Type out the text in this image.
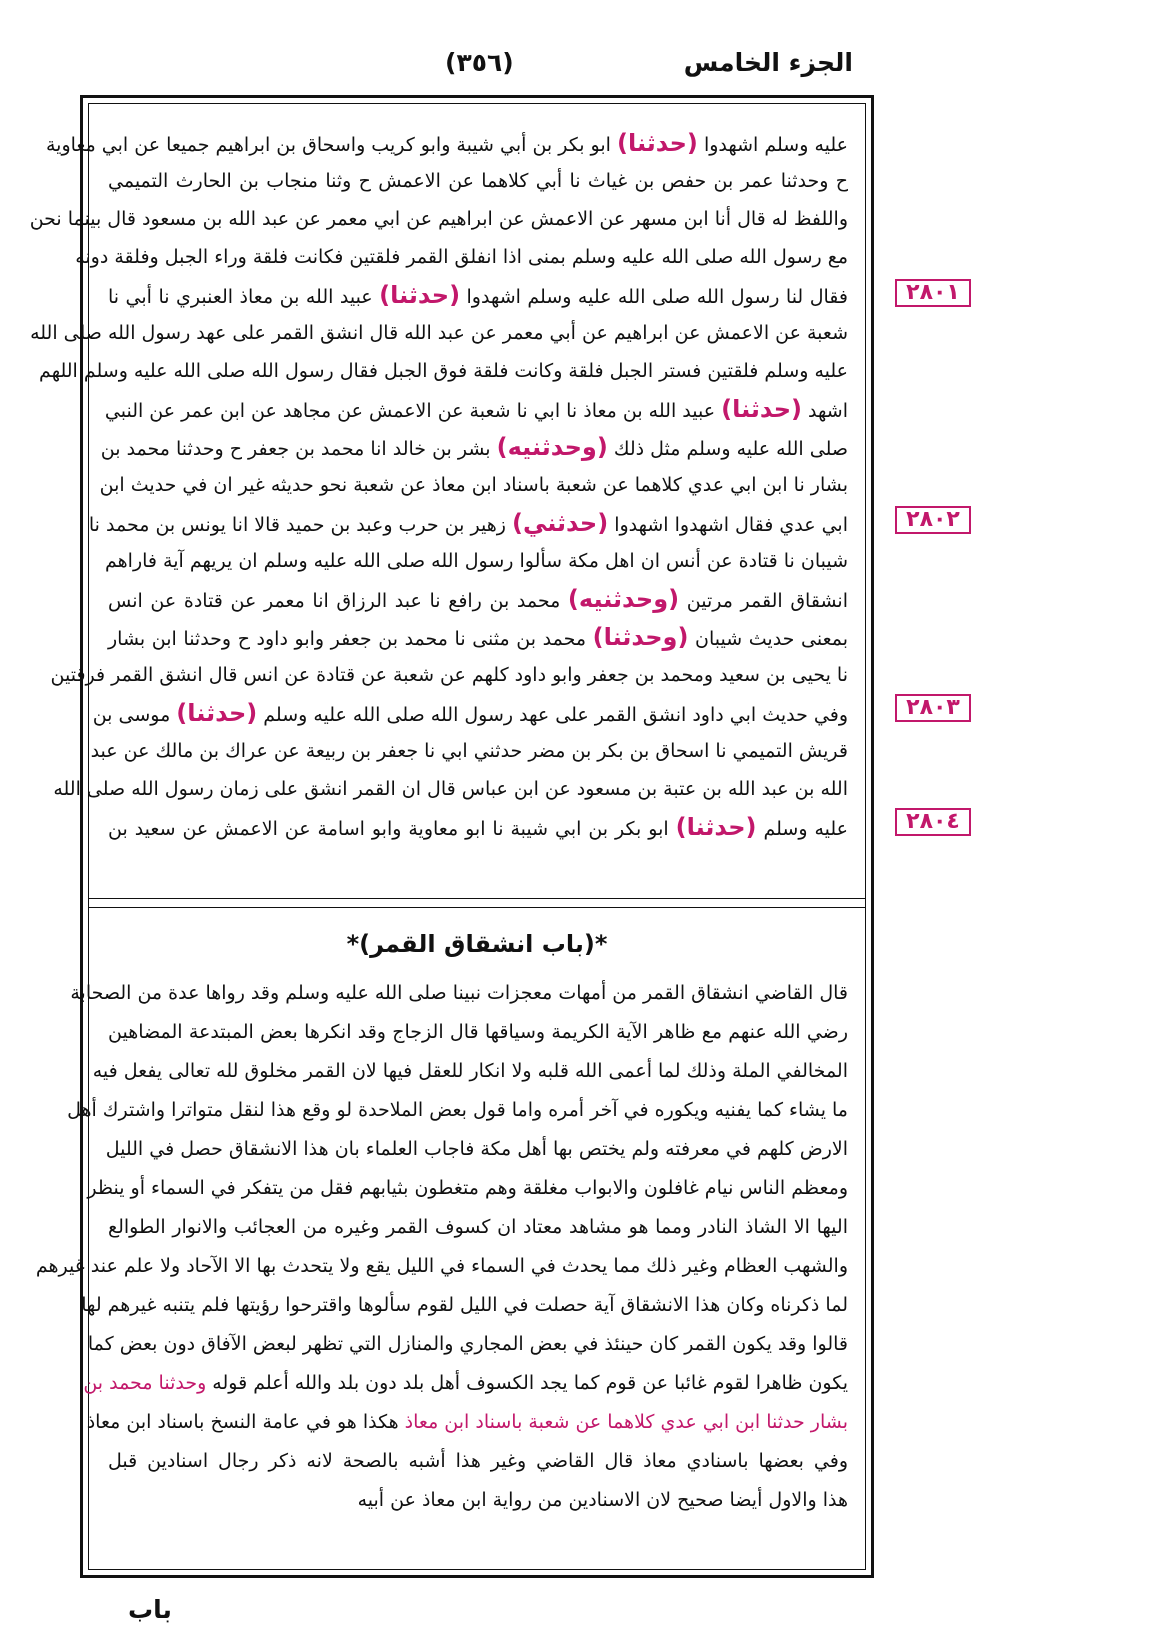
الجزء الخامس
(٣٥٦)
٢٨٠١
٢٨٠٢
٢٨٠٣
٢٨٠٤
عليه وسلم اشهدوا (حدثنا) ابو بكر بن أبي شيبة وابو كريب واسحاق بن ابراهيم جميعا عن ابي معاوية
ح وحدثنا عمر بن حفص بن غياث نا أبي كلاهما عن الاعمش ح وثنا منجاب بن الحارث التميمي
واللفظ له قال أنا ابن مسهر عن الاعمش عن ابراهيم عن ابي معمر عن عبد الله بن مسعود قال بينما نحن
مع رسول الله صلى الله عليه وسلم بمنى اذا انفلق القمر فلقتين فكانت فلقة وراء الجبل وفلقة دونه
فقال لنا رسول الله صلى الله عليه وسلم اشهدوا (حدثنا) عبيد الله بن معاذ العنبري نا أبي نا
شعبة عن الاعمش عن ابراهيم عن أبي معمر عن عبد الله قال انشق القمر على عهد رسول الله صلى الله
عليه وسلم فلقتين فستر الجبل فلقة وكانت فلقة فوق الجبل فقال رسول الله صلى الله عليه وسلم اللهم
اشهد (حدثنا) عبيد الله بن معاذ نا ابي نا شعبة عن الاعمش عن مجاهد عن ابن عمر عن النبي
صلى الله عليه وسلم مثل ذلك (وحدثنيه) بشر بن خالد انا محمد بن جعفر ح وحدثنا محمد بن
بشار نا ابن ابي عدي كلاهما عن شعبة باسناد ابن معاذ عن شعبة نحو حديثه غير ان في حديث ابن
ابي عدي فقال اشهدوا اشهدوا (حدثني) زهير بن حرب وعبد بن حميد قالا انا يونس بن محمد نا
شيبان نا قتادة عن أنس ان اهل مكة سألوا رسول الله صلى الله عليه وسلم ان يريهم آية فاراهم
انشقاق القمر مرتين (وحدثنيه) محمد بن رافع نا عبد الرزاق انا معمر عن قتادة عن انس
بمعنى حديث شيبان (وحدثنا) محمد بن مثنى نا محمد بن جعفر وابو داود ح وحدثنا ابن بشار
نا يحيى بن سعيد ومحمد بن جعفر وابو داود كلهم عن شعبة عن قتادة عن انس قال انشق القمر فرقتين
وفي حديث ابي داود انشق القمر على عهد رسول الله صلى الله عليه وسلم (حدثنا) موسى بن
قريش التميمي نا اسحاق بن بكر بن مضر حدثني ابي نا جعفر بن ربيعة عن عراك بن مالك عن عبد
الله بن عبد الله بن عتبة بن مسعود عن ابن عباس قال ان القمر انشق على زمان رسول الله صلى الله
عليه وسلم (حدثنا) ابو بكر بن ابي شيبة نا ابو معاوية وابو اسامة عن الاعمش عن سعيد بن
*(باب انشقاق القمر)*
قال القاضي انشقاق القمر من أمهات معجزات نبينا صلى الله عليه وسلم وقد رواها عدة من الصحابة
رضي الله عنهم مع ظاهر الآية الكريمة وسياقها قال الزجاج وقد انكرها بعض المبتدعة المضاهين
المخالفي الملة وذلك لما أعمى الله قلبه ولا انكار للعقل فيها لان القمر مخلوق لله تعالى يفعل فيه
ما يشاء كما يفنيه ويكوره في آخر أمره واما قول بعض الملاحدة لو وقع هذا لنقل متواترا واشترك أهل
الارض كلهم في معرفته ولم يختص بها أهل مكة فاجاب العلماء بان هذا الانشقاق حصل في الليل
ومعظم الناس نيام غافلون والابواب مغلقة وهم متغطون بثيابهم فقل من يتفكر في السماء أو ينظر
اليها الا الشاذ النادر ومما هو مشاهد معتاد ان كسوف القمر وغيره من العجائب والانوار الطوالع
والشهب العظام وغير ذلك مما يحدث في السماء في الليل يقع ولا يتحدث بها الا الآحاد ولا علم عند غيرهم
لما ذكرناه وكان هذا الانشقاق آية حصلت في الليل لقوم سألوها واقترحوا رؤيتها فلم يتنبه غيرهم لها
قالوا وقد يكون القمر كان حينئذ في بعض المجاري والمنازل التي تظهر لبعض الآفاق دون بعض كما
يكون ظاهرا لقوم غائبا عن قوم كما يجد الكسوف أهل بلد دون بلد والله أعلم قوله وحدثنا محمد بن
بشار حدثنا ابن ابي عدي كلاهما عن شعبة باسناد ابن معاذ هكذا هو في عامة النسخ باسناد ابن معاذ
وفي بعضها باسنادي معاذ قال القاضي وغير هذا أشبه بالصحة لانه ذكر رجال اسنادين قبل
هذا والاول أيضا صحيح لان الاسنادين من رواية ابن معاذ عن أبيه
باب
